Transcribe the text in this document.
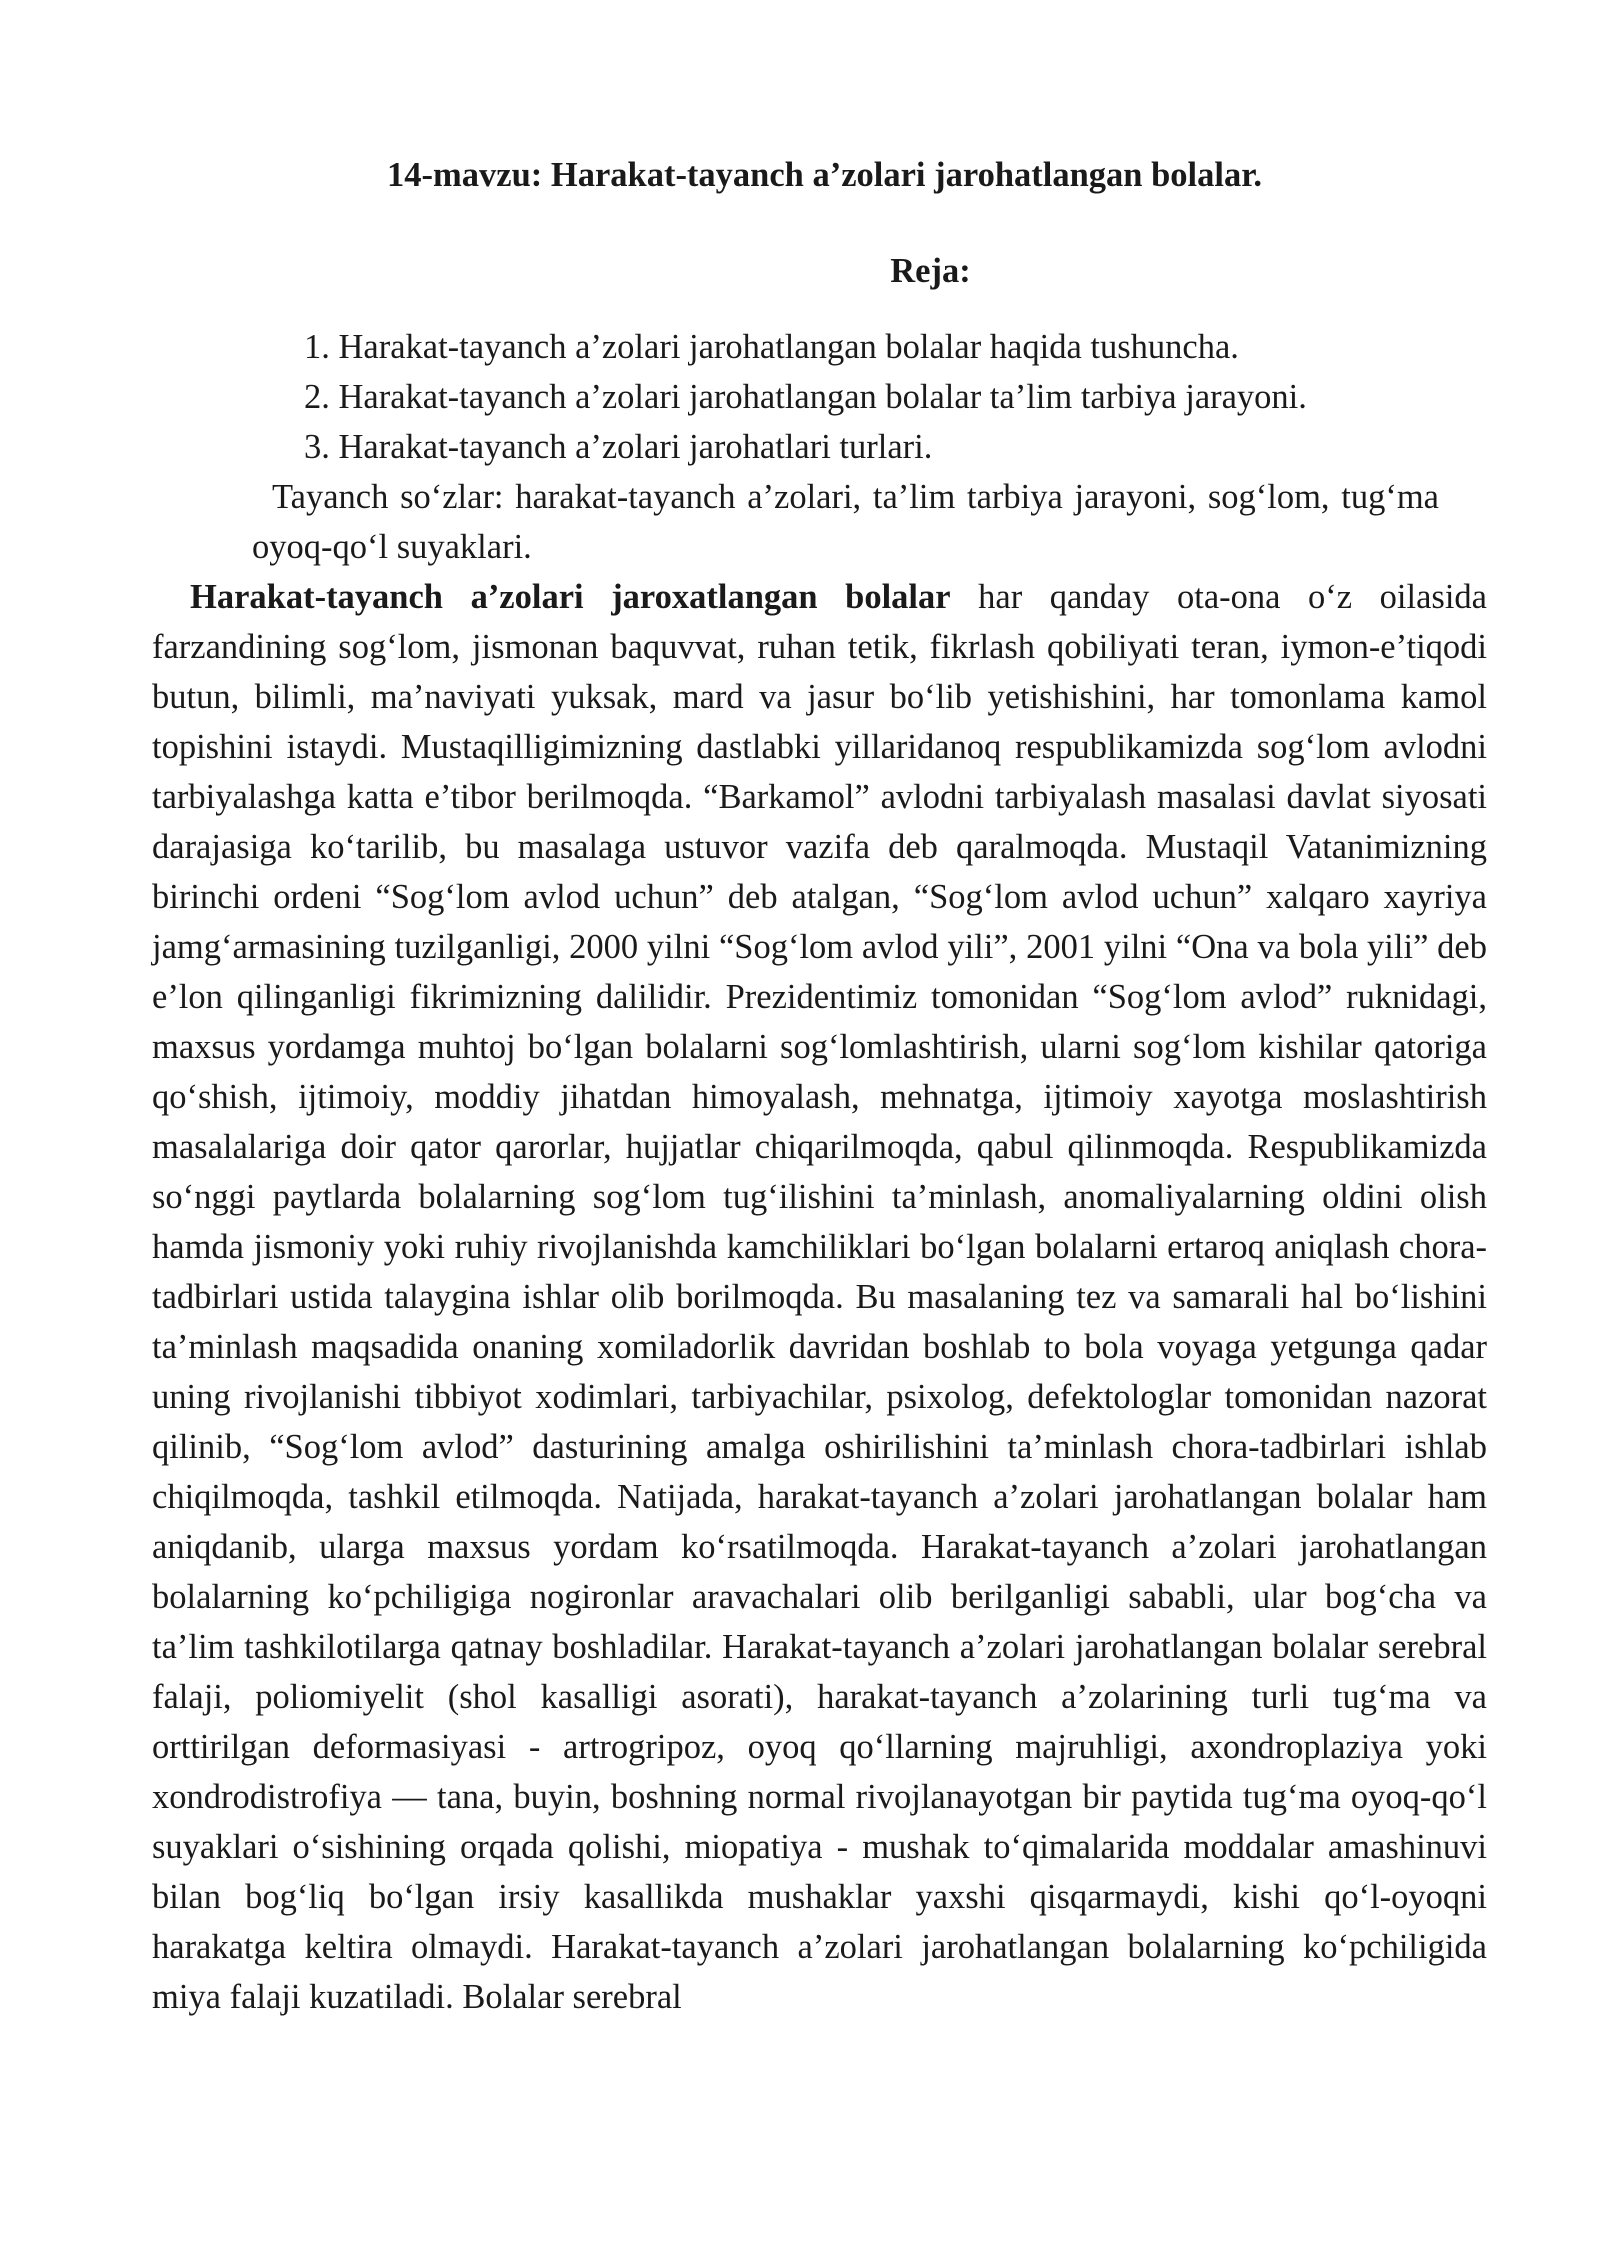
14-mavzu: Harakat-tayanch a’zolari jarohatlangan bolalar.
Reja:
1. Harakat-tayanch a’zolari jarohatlangan bolalar haqida tushuncha.
2. Harakat-tayanch a’zolari jarohatlangan bolalar ta’lim tarbiya jarayoni.
3. Harakat-tayanch a’zolari jarohatlari turlari.

Tayanch so‘zlar: harakat-tayanch a’zolari, ta’lim tarbiya jarayoni, sog‘lom, tug‘ma oyoq-qo‘l suyaklari.

Harakat-tayanch a’zolari jaroxatlangan bolalar har qanday ota-ona o‘z oilasida farzandining sog‘lom, jismonan baquvvat, ruhan tetik, fikrlash qobiliyati teran, iymon-e’tiqodi butun, bilimli, ma’naviyati yuksak, mard va jasur bo‘lib yetishishini, har tomonlama kamol topishini istaydi. Mustaqilligimizning dastlabki yillaridanoq respublikamizda sog‘lom avlodni tarbiyalashga katta e’tibor berilmoqda. “Barkamol” avlodni tarbiyalash masalasi davlat siyosati darajasiga ko‘tarilib, bu masalaga ustuvor vazifa deb qaralmoqda. Mustaqil Vatanimizning birinchi ordeni “Sog‘lom avlod uchun” deb atalgan, “Sog‘lom avlod uchun” xalqaro xayriya jamg‘armasining tuzilganligi, 2000 yilni “Sog‘lom avlod yili”, 2001 yilni “Ona va bola yili” deb e’lon qilinganligi fikrimizning dalilidir. Prezidentimiz tomonidan “Sog‘lom avlod” ruknidagi, maxsus yordamga muhtoj bo‘lgan bolalarni sog‘lomlashtirish, ularni sog‘lom kishilar qatoriga qo‘shish, ijtimoiy, moddiy jihatdan himoyalash, mehnatga, ijtimoiy xayotga moslashtirish masalalariga doir qator qarorlar, hujjatlar chiqarilmoqda, qabul qilinmoqda. Respublikamizda so‘nggi paytlarda bolalarning sog‘lom tug‘ilishini ta’minlash, anomaliyalarning oldini olish hamda jismoniy yoki ruhiy rivojlanishda kamchiliklari bo‘lgan bolalarni ertaroq aniqlash chora-tadbirlari ustida talaygina ishlar olib borilmoqda. Bu masalaning tez va samarali hal bo‘lishini ta’minlash maqsadida onaning xomiladorlik davridan boshlab to bola voyaga yetgunga qadar uning rivojlanishi tibbiyot xodimlari, tarbiyachilar, psixolog, defektologlar tomonidan nazorat qilinib, “Sog‘lom avlod” dasturining amalga oshirilishini ta’minlash chora-tadbirlari ishlab chiqilmoqda, tashkil etilmoqda. Natijada, harakat-tayanch a’zolari jarohatlangan bolalar ham aniqdanib, ularga maxsus yordam ko‘rsatilmoqda. Harakat-tayanch a’zolari jarohatlangan bolalarning ko‘pchiligiga nogironlar aravachalari olib berilganligi sababli, ular bog‘cha va ta’lim tashkilotilarga qatnay boshladilar. Harakat-tayanch a’zolari jarohatlangan bolalar serebral falaji, poliomiyelit (shol kasalligi asorati), harakat-tayanch a’zolarining turli tug‘ma va orttirilgan deformasiyasi - artrogripoz, oyoq qo‘llarning majruhligi, axondroplaziya yoki xondrodistrofiya — tana, buyin, boshning normal rivojlanayotgan bir paytida tug‘ma oyoq-qo‘l suyaklari o‘sishining orqada qolishi, miopatiya - mushak to‘qimalarida moddalar amashinuvi bilan bog‘liq bo‘lgan irsiy kasallikda mushaklar yaxshi qisqarmaydi, kishi qo‘l-oyoqni harakatga keltira olmaydi. Harakat-tayanch a’zolari jarohatlangan bolalarning ko‘pchiligida miya falaji kuzatiladi. Bolalar serebral
